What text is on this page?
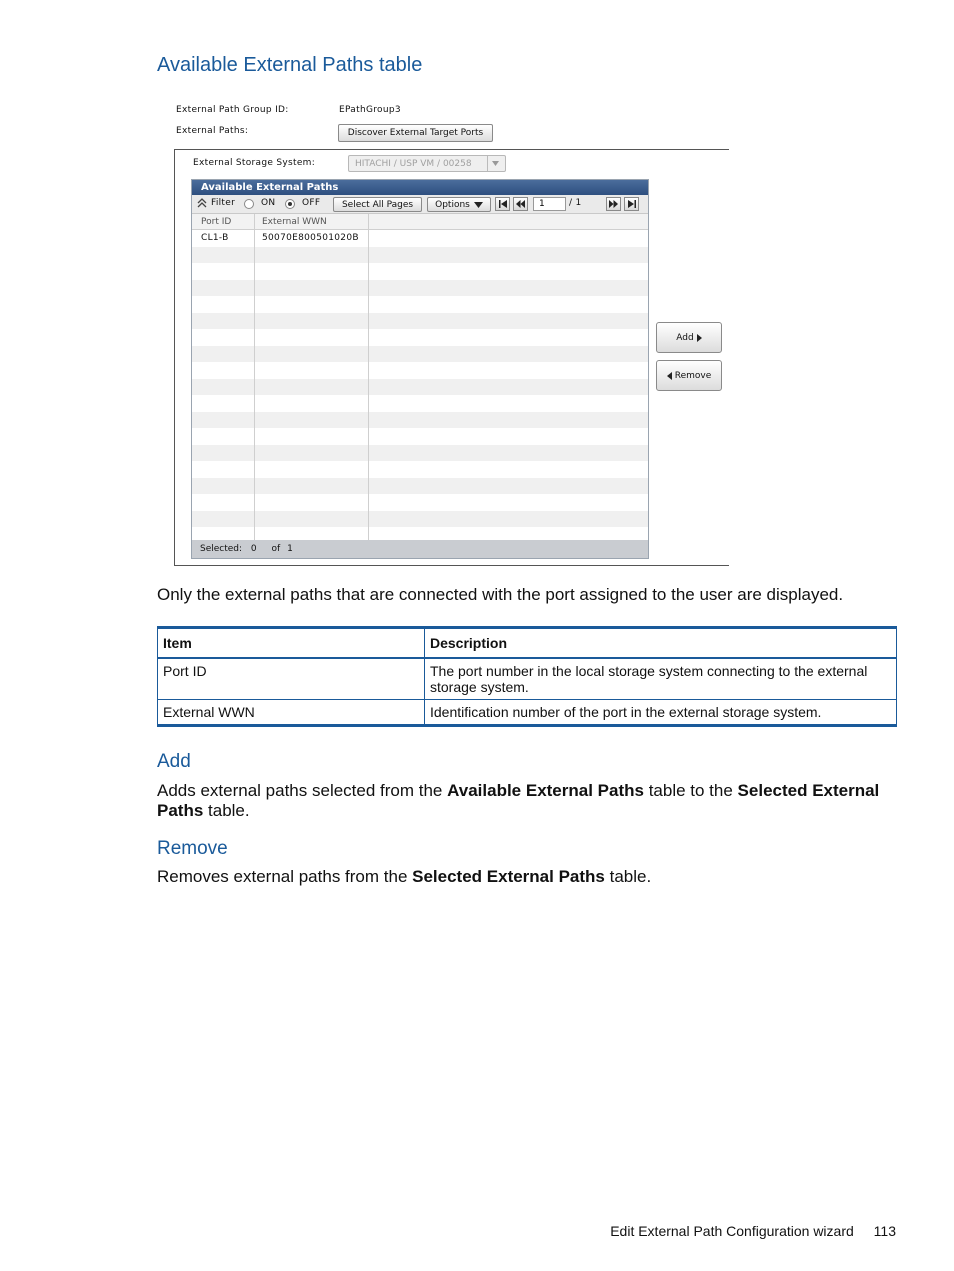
Available External Paths table
External Path Group ID:	EPathGroup3
External Paths:	Discover External Target Ports
External Storage System:	HITACHI / USP VM / 00258
Available External Paths
Filter	ON	OFF Select All Pages Options	1	/ 1
Port ID	External WWN
CL1-B	50070E800501020B
Selected: 0 of 1
Add
Remove

Only the external paths that are connected with the port assigned to the user are displayed.

Item	Description
Port ID	The port number in the local storage system connecting to the external storage system.
External WWN	Identification number of the port in the external storage system.
Add

Adds external paths selected from the Available External Paths table to the Selected External Paths table.

Remove

Removes external paths from the Selected External Paths table.

Edit External Path Configuration wizard 113
